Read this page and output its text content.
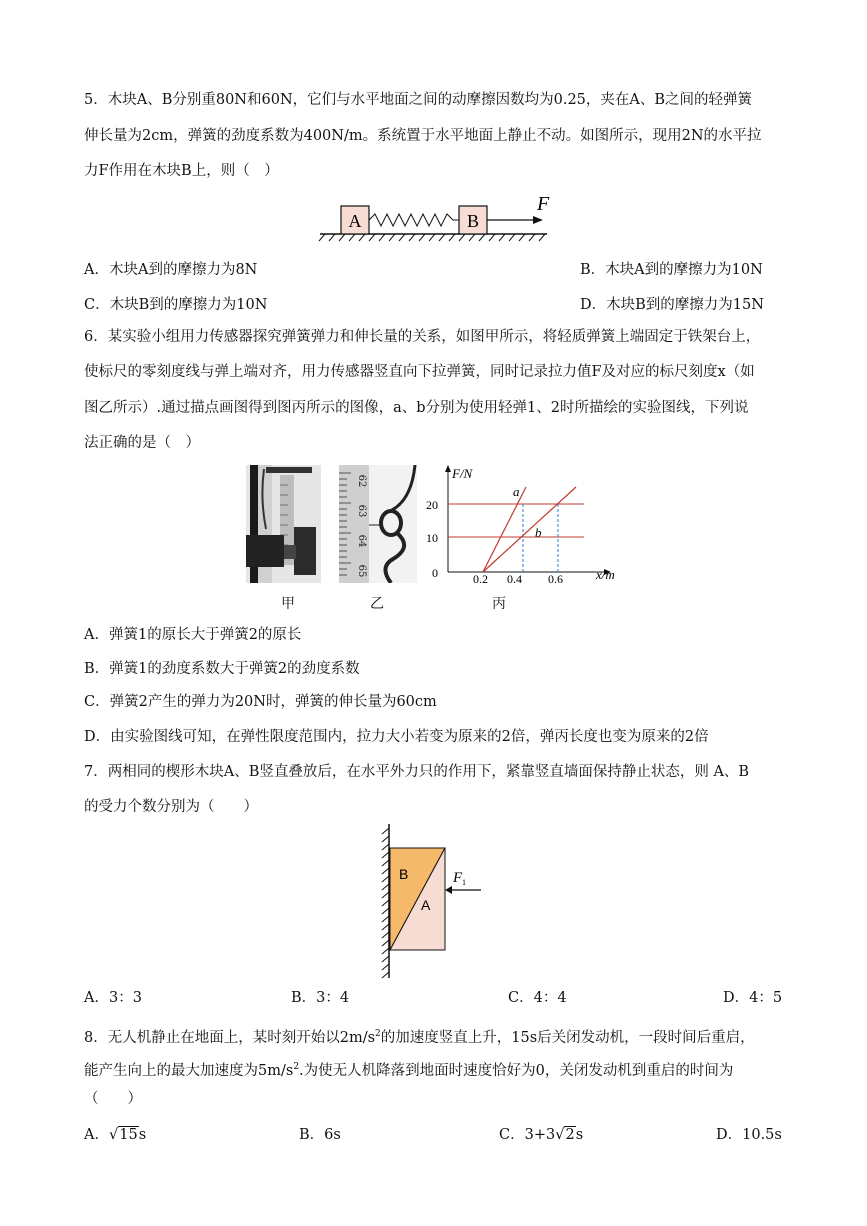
5．木块A、B分别重80N和60N，它们与水平地面之间的动摩擦因数均为0.25，夹在A、B之间的轻弹簧
伸长量为2cm，弹簧的劲度系数为400N/m。系统置于水平地面上静止不动。如图所示，现用2N的水平拉
力F作用在木块B上，则（　）
A	B
F
A．木块A到的摩擦力为8N	B．木块A到的摩擦力为10N
C．木块B到的摩擦力为10N	D．木块B到的摩擦力为15N
6．某实验小组用力传感器探究弹簧弹力和伸长量的关系，如图甲所示，将轻质弹簧上端固定于铁架台上，
使标尺的零刻度线与弹上端对齐，用力传感器竖直向下拉弹簧，同时记录拉力值F及对应的标尺刻度x（如
图乙所示）.通过描点画图得到图丙所示的图像，a、b分别为使用轻弹1、2时所描绘的实验图线，下列说
法正确的是（　）
62
63
64
65
F/N
x/m
0
20
10
0.2 0.4 0.6
a
b
甲	乙	丙
A．弹簧1的原长大于弹簧2的原长
B．弹簧1的劲度系数大于弹簧2的劲度系数
C．弹簧2产生的弹力为20N时，弹簧的伸长量为60cm
D．由实验图线可知，在弹性限度范围内，拉力大小若变为原来的2倍，弹丙长度也变为原来的2倍
7．两相同的楔形木块A、B竖直叠放后，在水平外力只的作用下，紧靠竖直墙面保持静止状态，则 A、B
的受力个数分别为（　　）
B
A
F 1
A．3：3	B．3：4	C．4：4	D．4：5
8．无人机静止在地面上，某时刻开始以$2m/s^2$的加速度竖直上升，15s后关闭发动机，一段时间后重启，
能产生向上的最大加速度为$5m/s^2$.为使无人机降落到地面时速度恰好为0，关闭发动机到重启的时间为
（　　）
A．√15s	B．6s	C．3+3√2s	D．10.5s
